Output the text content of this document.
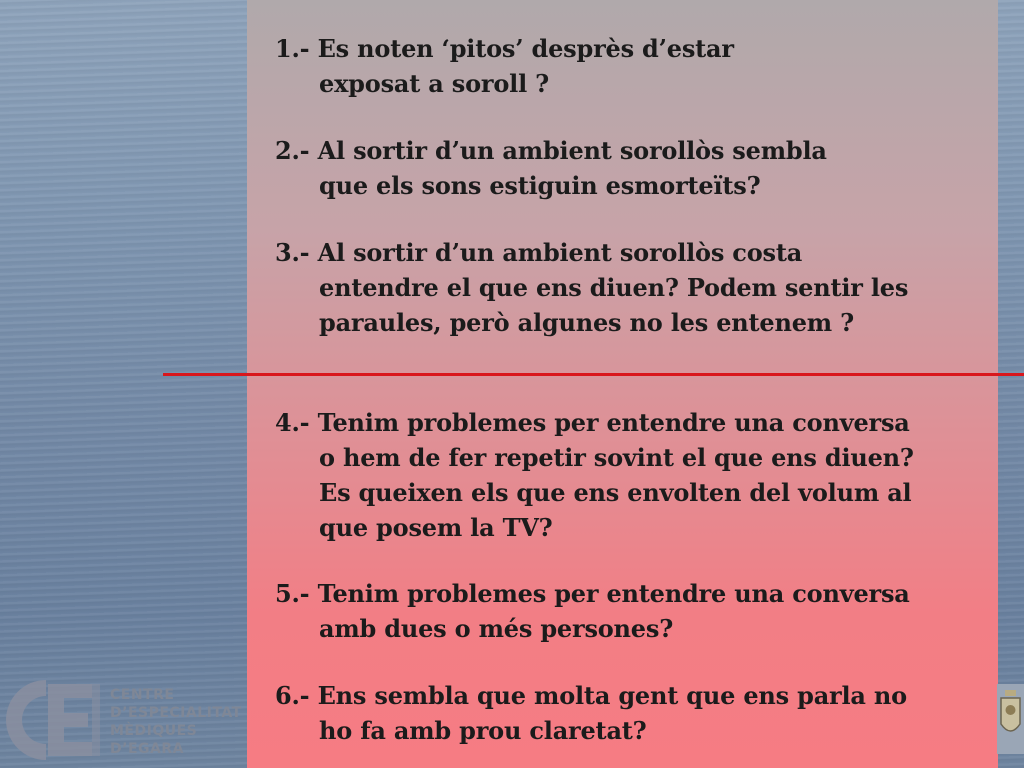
1.- Es noten ‘pitos’ desprès d’estar
exposat a soroll ?

2.- Al sortir d’un ambient sorollòs sembla
que els sons estiguin esmorteïts?

3.- Al sortir d’un ambient sorollòs costa
entendre el que ens diuen? Podem sentir les
paraules, però algunes no les entenem ?

4.- Tenim problemes per entendre una conversa
o hem de fer repetir sovint el que ens diuen?
Es queixen els que ens envolten del volum al
que posem la TV?

5.- Tenim problemes per entendre una conversa
amb dues o més persones?

6.- Ens sembla que molta gent que ens parla no
ho fa amb prou claretat?

CENTRE
D’ESPECIALITAT
MÈDIQUES
D’EGARA
